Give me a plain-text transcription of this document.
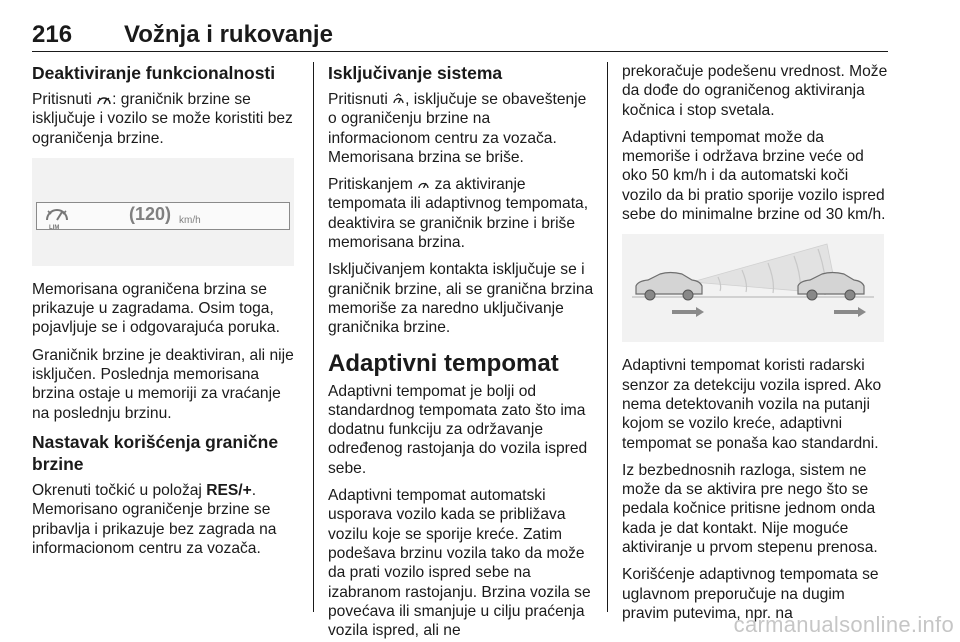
216 Vožnja i rukovanje
Deaktiviranje funkcionalnosti

Pritisnuti : graničnik brzine se isključuje i vozilo se može koristiti bez ograničenja brzine.

LIM
(120) km/h

Memorisana ograničena brzina se prikazuje u zagradama. Osim toga, pojavljuje se i odgovarajuća poruka.

Graničnik brzine je deaktiviran, ali nije isključen. Poslednja memorisana brzina ostaje u memoriji za vraćanje na poslednju brzinu.

Nastavak korišćenja granične
brzine

Okrenuti točkić u položaj RES/+. Memorisano ograničenje brzine se pribavlja i prikazuje bez zagrada na informacionom centru za vozača.

Isključivanje sistema

Pritisnuti , isključuje se obaveštenje o ograničenju brzine na informacionom centru za vozača. Memorisana brzina se briše.

Pritiskanjem  za aktiviranje tempomata ili adaptivnog tempomata, deaktivira se graničnik brzine i briše memorisana brzina.

Isključivanjem kontakta isključuje se i graničnik brzine, ali se granična brzina memoriše za naredno uključivanje graničnika brzine.

Adaptivni tempomat

Adaptivni tempomat je bolji od standardnog tempomata zato što ima dodatnu funkciju za održavanje određenog rastojanja do vozila ispred sebe.

Adaptivni tempomat automatski usporava vozilo kada se približava vozilu koje se sporije kreće. Zatim podešava brzinu vozila tako da može da prati vozilo ispred sebe na izabranom rastojanju. Brzina vozila se povećava ili smanjuje u cilju praćenja vozila ispred, ali ne

prekoračuje podešenu vrednost. Može da dođe do ograničenog aktiviranja kočnica i stop svetala.

Adaptivni tempomat može da memoriše i održava brzine veće od oko 50 km/h i da automatski koči vozilo da bi pratio sporije vozilo ispred sebe do minimalne brzine od 30 km/h.

Adaptivni tempomat koristi radarski senzor za detekciju vozila ispred. Ako nema detektovanih vozila na putanji kojom se vozilo kreće, adaptivni tempomat se ponaša kao standardni.

Iz bezbednosnih razloga, sistem ne može da se aktivira pre nego što se pedala kočnice pritisne jednom onda kada je dat kontakt. Nije moguće aktiviranje u prvom stepenu prenosa.

Korišćenje adaptivnog tempomata se uglavnom preporučuje na dugim pravim putevima, npr. na

carmanualsonline.info
